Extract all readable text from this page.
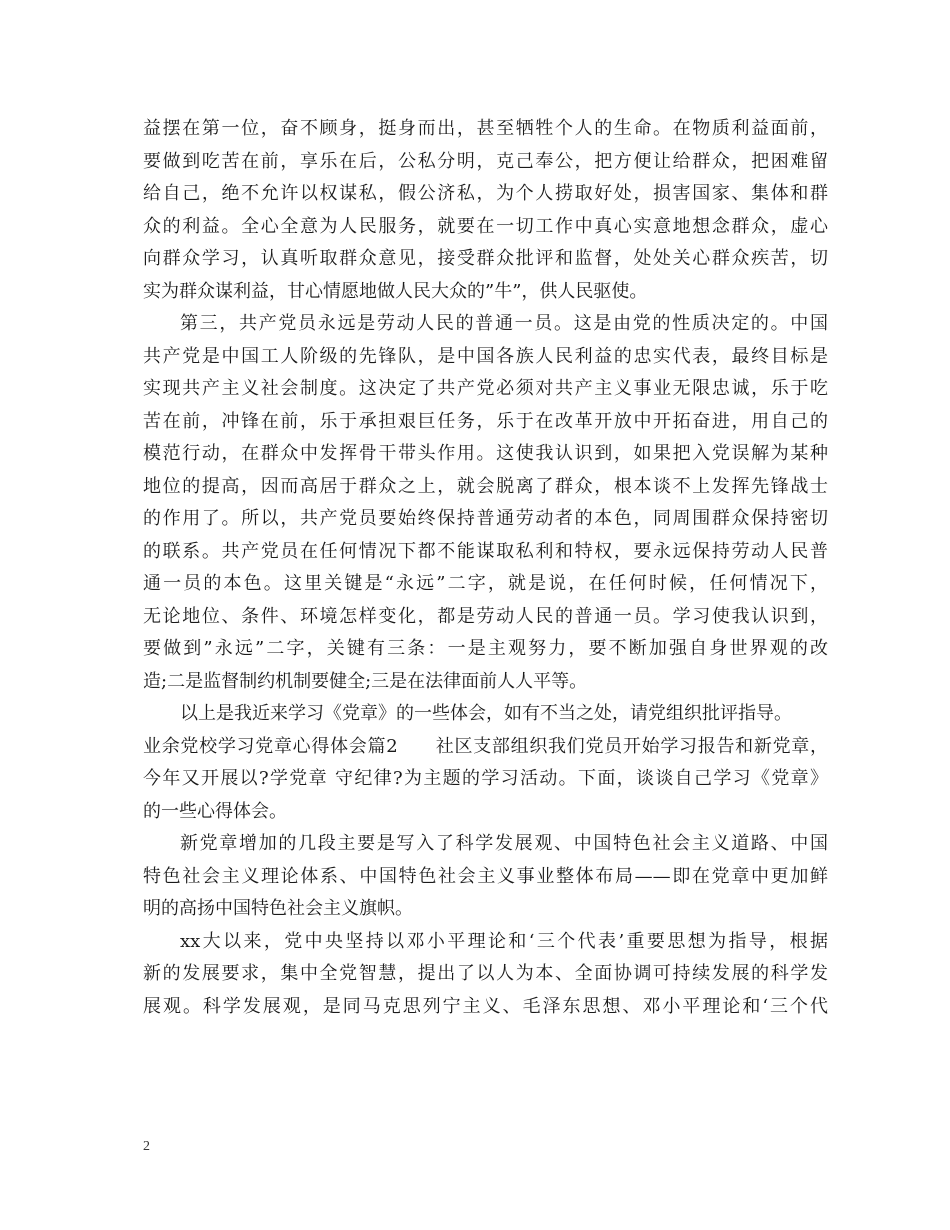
益摆在第一位，奋不顾身，挺身而出，甚至牺牲个人的生命。在物质利益面前，
要做到吃苦在前，享乐在后，公私分明，克己奉公，把方便让给群众，把困难留
给自己，绝不允许以权谋私，假公济私，为个人捞取好处，损害国家、集体和群
众的利益。全心全意为人民服务，就要在一切工作中真心实意地想念群众，虚心
向群众学习，认真听取群众意见，接受群众批评和监督，处处关心群众疾苦，切
实为群众谋利益，甘心情愿地做人民大众的”牛”，供人民驱使。
第三，共产党员永远是劳动人民的普通一员。这是由党的性质决定的。中国
共产党是中国工人阶级的先锋队，是中国各族人民利益的忠实代表，最终目标是
实现共产主义社会制度。这决定了共产党必须对共产主义事业无限忠诚，乐于吃
苦在前，冲锋在前，乐于承担艰巨任务，乐于在改革开放中开拓奋进，用自己的
模范行动，在群众中发挥骨干带头作用。这使我认识到，如果把入党误解为某种
地位的提高，因而高居于群众之上，就会脱离了群众，根本谈不上发挥先锋战士
的作用了。所以，共产党员要始终保持普通劳动者的本色，同周围群众保持密切
的联系。共产党员在任何情况下都不能谋取私利和特权，要永远保持劳动人民普
通一员的本色。这里关键是“永远”二字，就是说，在任何时候，任何情况下，
无论地位、条件、环境怎样变化，都是劳动人民的普通一员。学习使我认识到，
要做到”永远”二字，关键有三条：一是主观努力，要不断加强自身世界观的改
造;二是监督制约机制要健全;三是在法律面前人人平等。
以上是我近来学习《党章》的一些体会，如有不当之处，请党组织批评指导。
业余党校学习党章心得体会篇2　　社区支部组织我们党员开始学习报告和新党章，
今年又开展以?学党章 守纪律?为主题的学习活动。下面，谈谈自己学习《党章》
的一些心得体会。
新党章增加的几段主要是写入了科学发展观、中国特色社会主义道路、中国
特色社会主义理论体系、中国特色社会主义事业整体布局——即在党章中更加鲜
明的高扬中国特色社会主义旗帜。
xx大以来，党中央坚持以邓小平理论和‘三个代表’重要思想为指导，根据
新的发展要求，集中全党智慧，提出了以人为本、全面协调可持续发展的科学发
展观。科学发展观，是同马克思列宁主义、毛泽东思想、邓小平理论和‘三个代
2
